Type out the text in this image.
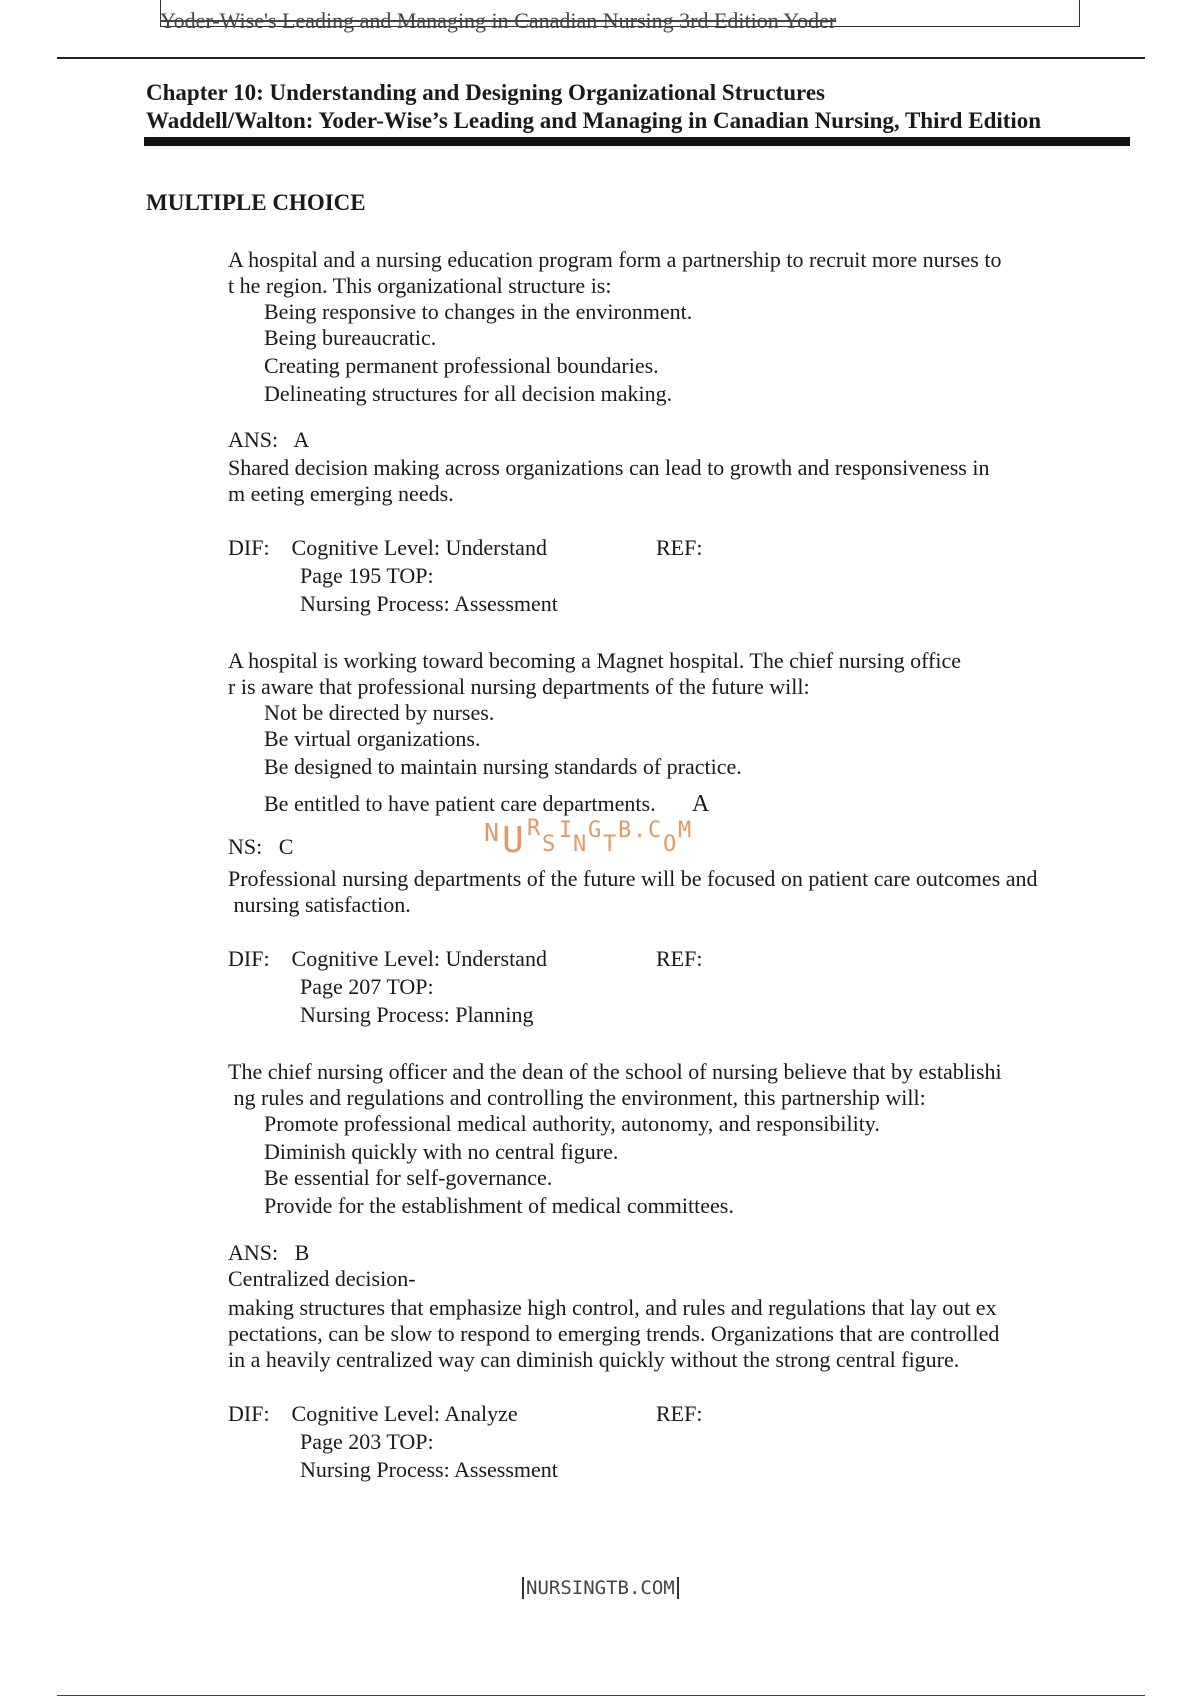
Yoder-Wise's Leading and Managing in Canadian Nursing 3rd Edition Yoder
Chapter 10: Understanding and Designing Organizational Structures
Waddell/Walton: Yoder-Wise’s Leading and Managing in Canadian Nursing, Third Edition
MULTIPLE CHOICE
A hospital and a nursing education program form a partnership to recruit more nurses to
t he region. This organizational structure is:
Being responsive to changes in the environment.
Being bureaucratic.
Creating permanent professional boundaries.
Delineating structures for all decision making.
ANS:   A
Shared decision making across organizations can lead to growth and responsiveness in
m eeting emerging needs.
DIF:    Cognitive Level: Understand	REF:
Page 195 TOP:
Nursing Process: Assessment
A hospital is working toward becoming a Magnet hospital. The chief nursing office
r is aware that professional nursing departments of the future will:
Not be directed by nurses.
Be virtual organizations.
Be designed to maintain nursing standards of practice.
Be entitled to have patient care departments. A
NS:   C
Professional nursing departments of the future will be focused on patient care outcomes and
nursing satisfaction.
DIF:    Cognitive Level: Understand	REF:
Page 207 TOP:
Nursing Process: Planning
N U R
S
I
N
G
T
B . C
O
M
The chief nursing officer and the dean of the school of nursing believe that by establishi
ng rules and regulations and controlling the environment, this partnership will:
Promote professional medical authority, autonomy, and responsibility.
Diminish quickly with no central figure.
Be essential for self-governance.
Provide for the establishment of medical committees.
ANS:   B
Centralized decision-
making structures that emphasize high control, and rules and regulations that lay out ex
pectations, can be slow to respond to emerging trends. Organizations that are controlled
in a heavily centralized way can diminish quickly without the strong central figure.
DIF:    Cognitive Level: Analyze	REF:
Page 203 TOP:
Nursing Process: Assessment
NURSINGTB.COM
